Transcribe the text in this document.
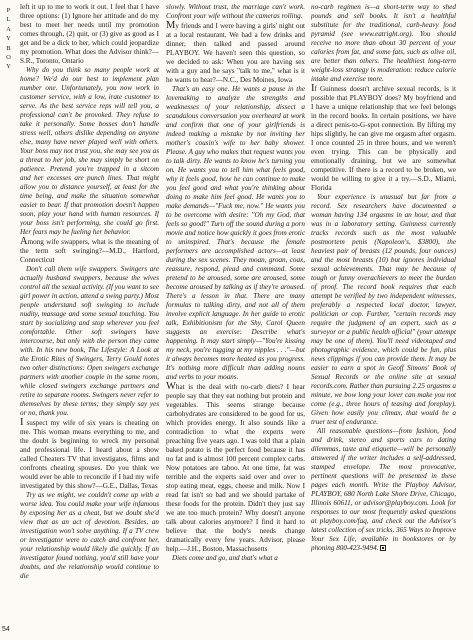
P L A Y B O Y
54

left it up to me to work it out. I feel that I have three options: (1) Ignore her attitude and do my best to meet her needs until my promotion comes through, (2) quit, or (3) give as good as I get and be a dick to her, which could jeopardize my promotion. What does the Advisor think?—S.R., Toronto, Ontario

Why do you think so many people work at home? We'd do our best to implement plan number one. Unfortunately, you now work in customer service, with a low, irate customer to serve. As the best service reps will tell you, a professional can't be provoked. They refuse to take it personally. Some bosses don't handle stress well, others dislike depending on anyone else, many have never played well with others. Your boss may not trust you, she may see you as a threat to her job, she may simply be short on patience. Pretend you're trapped in a sitcom and her excesses are punch lines. That might allow you to distance yourself, at least for the time being, and make the situation somewhat easier to bear. If that promotion doesn't happen soon, play your hand with human resources. If your boss isn't performing, she could go first. Her fears may be fueling her behavior.

Among wife swappers, what is the meaning of the term soft swinging?—M.D., Hartford, Connecticut

Don't call them wife swappers. Swingers are actually husband swappers, because the wives control all the sexual activity. (If you want to see girl power in action, attend a swing party.) Most people understand soft swinging to include nudity, massage and some sexual touching. You start by socializing and stop wherever you feel comfortable. Other soft swingers have intercourse, but only with the person they came with. In his new book, The Lifestyle: A Look at the Erotic Rites of Swingers, Terry Gould notes two other distinctions: Open swingers exchange partners with another couple in the same room, while closed swingers exchange partners and retire to separate rooms. Swingers never refer to themselves by these terms; they simply say yes or no, thank you.

I suspect my wife of six years is cheating on me. This woman means everything to me, and the doubt is beginning to wreck my personal and professional life. I heard about a show called Cheaters TV that investigates, films and confronts cheating spouses. Do you think we would ever be able to reconcile if I had my wife investigated by this show?—G.E., Dallas, Texas

Try as we might, we couldn't come up with a worse idea. You could make your wife infamous by exposing her as a cheat, but we doubt she'd view that as an act of devotion. Besides, an investigation won't solve anything. If a TV crew or investigator were to catch and confront her, your relationship would likely die quickly. If an investigator found nothing, you'd still have your doubts, and the relationship would continue to die

slowly. Without trust, the marriage can't work. Confront your wife without the cameras rolling.

My friends and I were having a girls' night out at a local restaurant. We had a few drinks and dinner, then talked and passed around PLAYBOY. We haven't seen this question, so we decided to ask: When you are having sex with a guy and he says "talk to me," what is it he wants to hear?—N.C., Des Moines, Iowa

That's an easy one. He wants a pause in the lovemaking to analyze the strengths and weaknesses of your relationship, dissect a scandalous conversation you overheard at work and confirm that one of your girlfriends is indeed making a mistake by not inviting her mother's cousin's wife to her baby shower. Please. A guy who makes that request wants you to talk dirty. He wants to know he's turning you on. He wants you to tell him what feels good, why it feels good, how he can continue to make you feel good and what you're thinking about doing to make him feel good. He wants you to make demands—"Fuck me, now." He wants you to be overcome with desire: "Oh my God, that feels so good!" Turn off the sound during a porn movie and notice how quickly it goes from erotic to uninspired. That's because the female performers are accomplished actors—at least during the sex scenes. They moan, groan, coax, reassure, respond, plead and command. Some pretend to be aroused, some are aroused, some become aroused by talking as if they're aroused. There's a lesson in that. There are many formulas to talking dirty, and not all of them involve explicit language. In her guide to erotic talk, Exhibitionism for the Shy, Carol Queen suggests an exercise: Describe what's happening. It may start simply—"You're kissing my neck, you're tugging at my nipples . . ."—but it always becomes more heated as you progress. It's nothing more difficult than adding nouns and verbs to your moans.

What is the deal with no-carb diets? I hear people say that they eat nothing but protein and vegetables. This seems strange because carbohydrates are considered to be good for us, which provides energy. It also sounds like a contradiction to what the experts were preaching five years ago. I was told that a plain baked potato is the perfect food because it has no fat and is almost 100 percent complex carbs. Now potatoes are taboo. At one time, fat was terrible and the experts said over and over to stop eating meat, eggs, cheese and milk. Now I read fat isn't so bad and we should partake of these foods for the protein. Didn't they just say we ate too much protein? Why doesn't anyone talk about calories anymore? I find it hard to believe that the body's needs change dramatically every few years. Advisor, please help.—J.H., Boston, Massachusetts

Diets come and go, and that's what a

no-carb regimen is—a short-term way to shed pounds and sell books. It isn't a healthful substitute for the traditional, carb-heavy food pyramid (see www.eatright.org). You should receive no more than about 30 percent of your calories from fat, and some fats, such as olive oil, are better than others. The healthiest long-term weight-loss strategy is moderation: reduce calorie intake and exercise more.

If Guinness doesn't archive sexual records, is it possible that PLAYBOY does? My boyfriend and I have a unique relationship that we feel belongs in the record books. In certain positions, we have a direct penis-to-G-spot connection. By lifting my hips slightly, he can give me orgasm after orgasm. I once counted 25 in three hours, and we weren't even trying. This can be physically and emotionally draining, but we are somewhat competitive. If there is a record to be broken, we would be willing to give it a try.—S.D., Miami, Florida

Your experience is unusual but far from a record. Sex researchers have documented a woman having 134 orgasms in an hour, and that was in a laboratory setting. Guinness currently tracks records such as the most valuable postmortem penis (Napoleon's, $3800), the heaviest pair of breasts (12 pounds, four ounces) and the most breasts (10) but ignores individual sexual achievements. That may be because of tough or funny overachievers to meet the burden of proof. The record book requires that each attempt be verified by two independent witnesses, preferably a respected local doctor, lawyer, politician or cop. Further, "certain records may require the judgment of an expert, such as a surveyor or a public health official" (your attempt may be one of them). You'll need videotaped and photographic evidence, which could be fun, plus news clippings if you can provide them. It may be easier to earn a spot in Geoff Simons' Book of Sexual Records or the online site at sexual records.com. Rather than pursuing 2.25 orgasms a minute, we bow long your lover can make you not come (e.g., three hours of teasing and foreplay). Given how easily you climax, that would be a truer test of endurance.

All reasonable questions—from fashion, food and drink, stereo and sports cars to dating dilemmas, taste and etiquette—will be personally answered if the writer includes a self-addressed, stamped envelope. The most provocative, pertinent questions will be presented in these pages each month. Write the Playboy Advisor, PLAYBOY, 680 North Lake Shore Drive, Chicago, Illinois 60611, or advisor@playboy.com. Look for responses to our most frequently asked questions at playboy.com/faq, and check out the Advisor's latest collection of sex tricks, 365 Ways to Improve Your Sex Life, available in bookstores or by phoning 800-423-9494.
